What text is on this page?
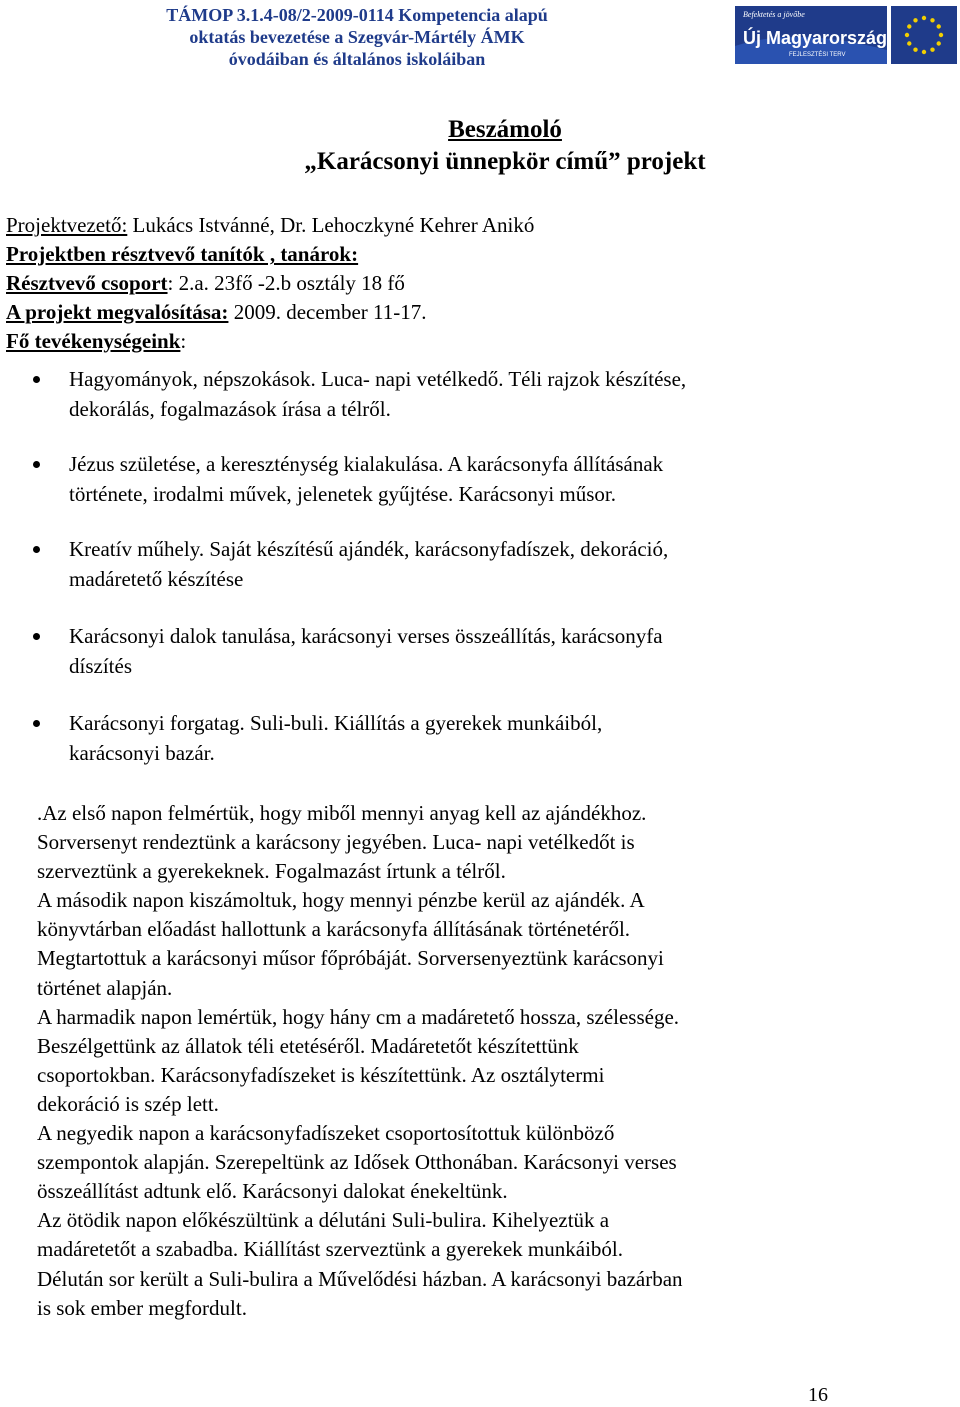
TÁMOP 3.1.4-08/2-2009-0114 Kompetencia alapú
oktatás bevezetése a Szegvár-Mártély ÁMK
óvodáiban és általános iskoláiban
Befektetés a jövőbe
Új Magyarország
FEJLESZTÉSI TERV
Beszámoló
„Karácsonyi ünnepkör című” projekt
Projektvezető: Lukács Istvánné, Dr. Lehoczkyné Kehrer Anikó
Projektben résztvevő tanítók , tanárok:
Résztvevő csoport: 2.a. 23fő -2.b osztály 18 fő
A projekt megvalósítása: 2009. december 11-17.
Fő tevékenységeink:
Hagyományok, népszokások. Luca- napi vetélkedő. Téli rajzok készítése,
dekorálás, fogalmazások írása a télről.
Jézus születése, a kereszténység kialakulása. A karácsonyfa állításának
története, irodalmi művek, jelenetek gyűjtése. Karácsonyi műsor.
Kreatív műhely. Saját készítésű ajándék, karácsonyfadíszek, dekoráció,
madáretető készítése
Karácsonyi dalok tanulása, karácsonyi verses összeállítás, karácsonyfa
díszítés
Karácsonyi forgatag. Suli-buli. Kiállítás a gyerekek munkáiból,
karácsonyi bazár.
.Az első napon felmértük, hogy miből mennyi anyag kell az ajándékhoz.
Sorversenyt rendeztünk a karácsony jegyében. Luca- napi vetélkedőt is
szerveztünk a gyerekeknek. Fogalmazást írtunk a télről.
A második napon kiszámoltuk, hogy mennyi pénzbe kerül az ajándék. A
könyvtárban előadást hallottunk a karácsonyfa állításának történetéről.
Megtartottuk a karácsonyi műsor főpróbáját. Sorversenyeztünk karácsonyi
történet alapján.
A harmadik napon lemértük, hogy hány cm a madáretető hossza, szélessége.
Beszélgettünk az állatok téli etetéséről. Madáretetőt készítettünk
csoportokban. Karácsonyfadíszeket is készítettünk. Az osztálytermi
dekoráció is szép lett.
A negyedik napon a karácsonyfadíszeket csoportosítottuk különböző
szempontok alapján. Szerepeltünk az Idősek Otthonában. Karácsonyi verses
összeállítást adtunk elő. Karácsonyi dalokat énekeltünk.
Az ötödik napon előkészültünk a délutáni Suli-bulira. Kihelyeztük a
madáretetőt a szabadba. Kiállítást szerveztünk a gyerekek munkáiból.
Délután sor került a Suli-bulira a Művelődési házban. A karácsonyi bazárban
is sok ember megfordult.
16
